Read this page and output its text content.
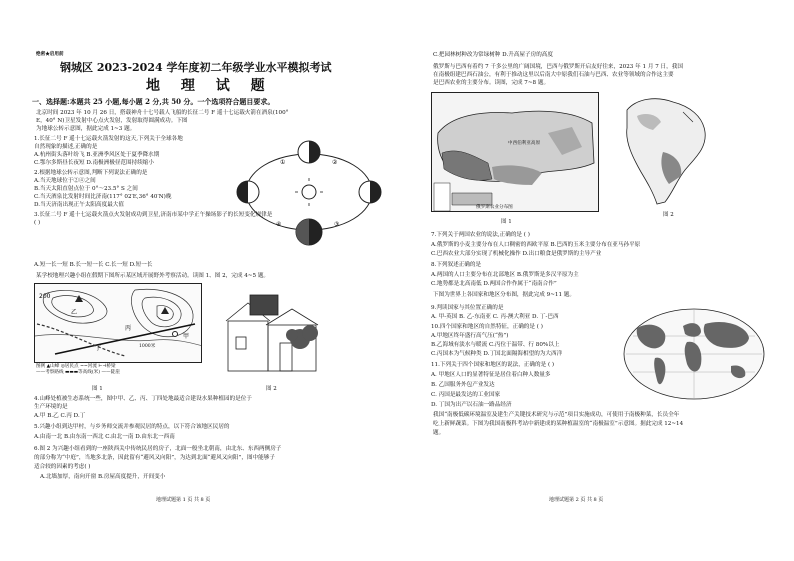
绝密★启用前
钢城区 2023-2024 学年度初二年级学业水平模拟考试
地 理 试 题
一、选择题:本题共 25 小题,每小题 2 分,共 50 分。一个选项符合题目要求。
北京时间 2023 年 10 月 26 日，搭载神舟十七号载人飞船的长征二号 F 遥十七运载火箭在酒泉(100°
E，40° N)卫星发射中心点火发射，发射取得圆满成功。下图
为地球公转示意图，据此完成 1~3 题。
1.长征二号 F 遥十七运载火箭发射的这天,下列关于全球各地
自然现象的描述,正确的是
A.杭州街头落叶纷飞 B.亚洲季风区处于夏季降水期
C.鄂尔多斯昼长夜短 D.南极洲极昼范围持续缩小
2.根据地球公转示意图,判断下列说法正确的是
A.当天地球位于②④之间
B.当天太阳直射点位于 0°～23.5° S 之间
C.当天酒泉比发射时间比济南(117° 02′E,36° 40′N)晚
D.当天济南出现正午太阳高度最大值
①	②
③
④
3.长征二号 F 遥十七运载火箭点火发射成功到卫星,济南市某中学正午操场影子的长短变化规律是
( )
A.短一长一短 B.长一短一长 C.长一短 D.短一长
某学校地理兴趣小组在假期下图所示某区域开展野外考察活动。读图 1、图 2，完成 4~5 题。
200
甲
乙
丙
丁	1000米
图例 ▲山峰 ◎居民点 ~~河流 ⊢⊣桥梁
——考察路线 ▬▬▬等高线(米) ——陡崖
图 1	图 2
4.山峰处植被生态系统一些，图中甲、乙、丙、丁四处地最适合建设水果种植园的是位于
生产环境的是
A.甲 B.乙 C.丙 D.丁
5.兴趣小组到达甲村，与乡务师交流并参观民居的特点，以下符合该地区民居的
A.由南一北 B.由东南一西北 C.由北一南 D.由东北一西南
6.图 2 为兴趣小组看到的一座陕西关中传统民居的房子，北面一般坐北朝南，由北东、东西两侧房子
的部分称为“中庭”，当地多北条，因此留有“避风又向阳”，为达到北面“避风又向阳”，图中能够子
适合较的因素的考虑( )
A.北墙加厚，南向开窗 B.房屋高度提升，开间变小
地理试题第 1 页 共 8 页
C.把园林树种改为常绿树种 D.升高屋子房的高度
俄罗斯与巴西有着约 7 千多公里的广阔国境，巴西与俄罗斯开启友好往来，2023 年 1 月 7 日，我国
在南极组建巴西石油公，有利于推动这里以后南大中原我们石油与巴西、农业等领域的合作这主要
是巴西农业的主要分布。读图，完成 7~8 题。
中西伯利亚高原
俄罗斯农业分布图
图 1
图 2
7.下列关于两国农业的说法,正确的是 ( )
A.俄罗斯的小麦主要分布在人口稠密的西欧平原 B.巴西的玉米主要分布在亚马孙平原
C.巴西农业大部分实现了机械化操作 D.出口粮食是俄罗斯的主导产业
8.下列叙述正确的是
A.两国的人口主要分布在北部地区 B.俄罗斯是多汉平原为主
C.地势都是北高南低 D.两国合作作属于“南南合作”
下图为世界上各国家和地区分布图，据此完成 9~11 题。
9.判读国家与其位置正确的是
A. 甲-英国 B. 乙-东南亚 C. 丙-澳大利亚 D. 丁-巴西
10.四个国家和地区的自然特征，正确的是 ( )
A.甲地区终年盛行高气压(“热”)
B.乙海域有淡水与暖流 C.丙位于温带、行 80%以上
C.丙国本为气候种类 D.丁国北面隔海相望的为大西洋
11.下列关于四个国家和地区的说法，正确的是 ( )
A. 甲地区人口的显著特征是居住着白种人数量多
B. 乙国服务外包产业发达
C. 丙国是最发达的工业国家
D. 丁国为出产以石油一路品经济
我国“南极低碳环境温室及建生产关键技术研究与示范”项目实施成功，可使用于南极种菜，长员全年
吃上新鲜蔬菜。下图为我国南极科考站中新建成的某种植温室的“南极温室”示意图。据此完成 12~14
题。
地理试题第 2 页 共 8 页
